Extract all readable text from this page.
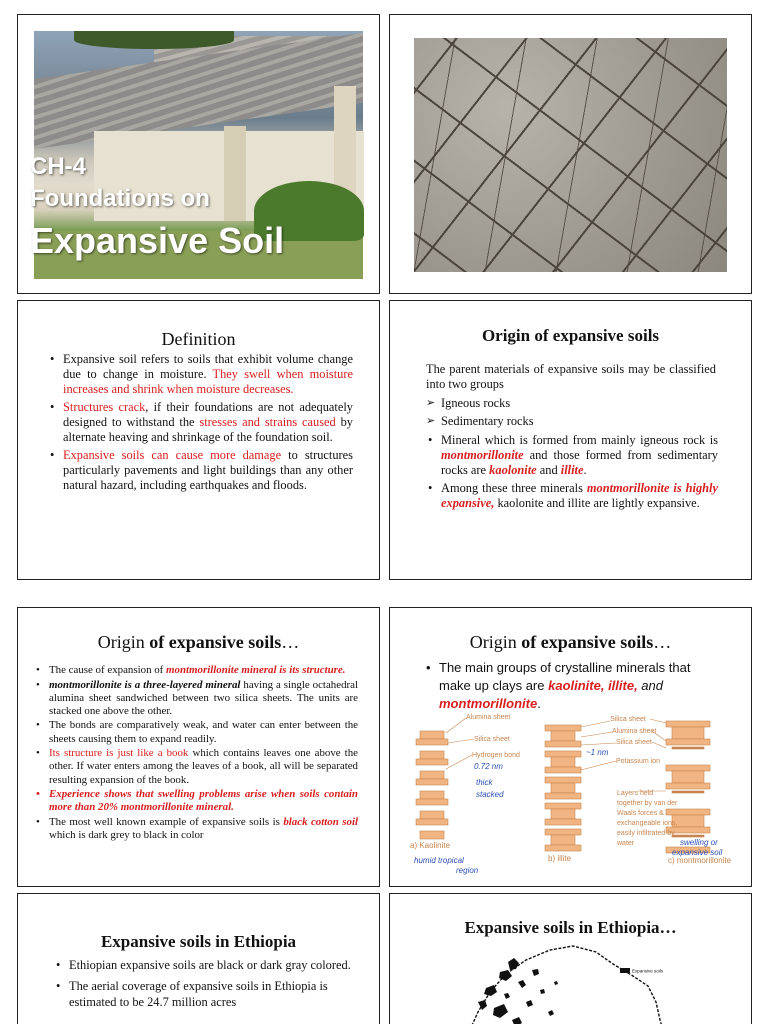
CH-4
Foundations on
Expansive Soil
Definition
• Expansive soil refers to soils that exhibit volume change due to change in moisture. They swell when moisture increases and shrink when moisture decreases.
• Structures crack, if their foundations are not adequately designed to withstand the stresses and strains caused by alternate heaving and shrinkage of the foundation soil.
• Expansive soils can cause more damage to structures particularly pavements and light buildings than any other natural hazard, including earthquakes and floods.
Origin of expansive soils
The parent materials of expansive soils may be classified into two groups
➢ Igneous rocks
➢ Sedimentary rocks
• Mineral which is formed from mainly igneous rock is montmorillonite and those formed from sedimentary rocks are kaolonite and illite.
• Among these three minerals montmorillonite is highly expansive, kaolonite and illite are lightly expansive.
Origin of expansive soils…
• The cause of expansion of montmorillonite mineral is its structure.
• montmorillonite is a three-layered mineral having a single octahedral alumina sheet sandwiched between two silica sheets. The units are stacked one above the other.
• The bonds are comparatively weak, and water can enter between the sheets causing them to expand readily.
• Its structure is just like a book which contains leaves one above the other. If water enters among the leaves of a book, all will be separated resulting expansion of the book.
• Experience shows that swelling problems arise when soils contain more than 20% montmorillonite mineral.
• The most well known example of expansive soils is black cotton soil which is dark grey to black in color
Origin of expansive soils…
• The main groups of crystalline minerals that make up clays are kaolinite, illite, and montmorillonite.
Alumina sheet
Silica sheet
Hydrogen bond
Silica sheet
Alumina sheet
Silica sheet
Potassium ion
Layers held
together by van der
Waals forces &
exchangeable ions,
easily infiltrated by
water
a) Kaolinite
b) illite	c) montmorillonite
0.72 nm
thick
stacked
humid tropical
region
swelling or
expansive soil
~1 nm
Expansive soils in Ethiopia
• Ethiopian expansive soils are black or dark gray colored.
• The aerial coverage of expansive soils in Ethiopia is estimated to be 24.7 million acres
Expansive soils in Ethiopia…
Expansive soils
